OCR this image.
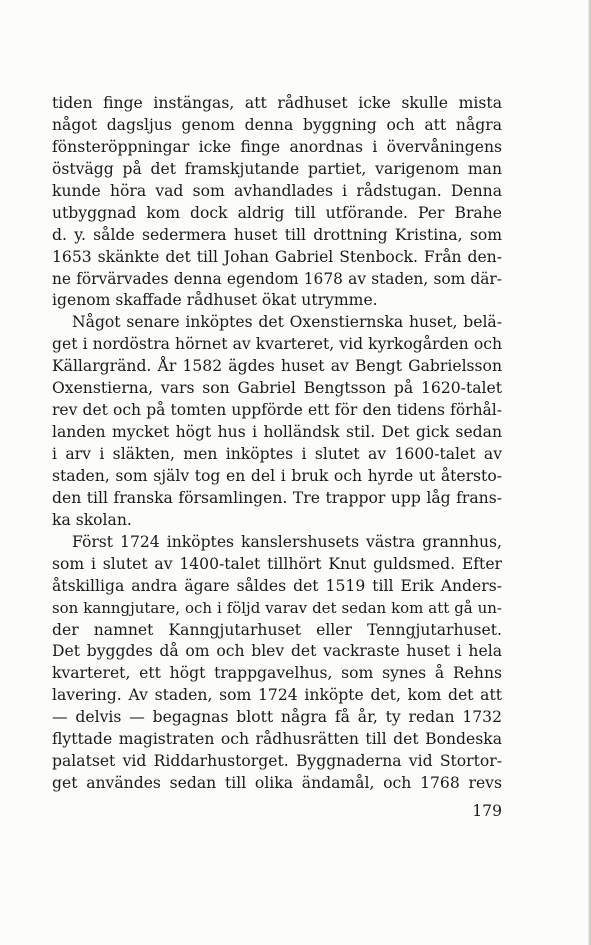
tiden finge instängas, att rådhuset icke skulle mista
något dagsljus genom denna byggning och att några
fönsteröppningar icke finge anordnas i övervåningens
östvägg på det framskjutande partiet, varigenom man
kunde höra vad som avhandlades i rådstugan. Denna
utbyggnad kom dock aldrig till utförande. Per Brahe
d. y. sålde sedermera huset till drottning Kristina, som
1653 skänkte det till Johan Gabriel Stenbock. Från den-
ne förvärvades denna egendom 1678 av staden, som där-
igenom skaffade rådhuset ökat utrymme.
Något senare inköptes det Oxenstiernska huset, belä-
get i nordöstra hörnet av kvarteret, vid kyrkogården och
Källargränd. År 1582 ägdes huset av Bengt Gabrielsson
Oxenstierna, vars son Gabriel Bengtsson på 1620-talet
rev det och på tomten uppförde ett för den tidens förhål-
landen mycket högt hus i holländsk stil. Det gick sedan
i arv i släkten, men inköptes i slutet av 1600-talet av
staden, som själv tog en del i bruk och hyrde ut återsto-
den till franska församlingen. Tre trappor upp låg frans-
ka skolan.
Först 1724 inköptes kanslershusets västra grannhus,
som i slutet av 1400-talet tillhört Knut guldsmed. Efter
åtskilliga andra ägare såldes det 1519 till Erik Anders-
son kanngjutare, och i följd varav det sedan kom att gå un-
der namnet Kanngjutarhuset eller Tenngjutarhuset.
Det byggdes då om och blev det vackraste huset i hela
kvarteret, ett högt trappgavelhus, som synes å Rehns
lavering. Av staden, som 1724 inköpte det, kom det att
— delvis — begagnas blott några få år, ty redan 1732
flyttade magistraten och rådhusrätten till det Bondeska
palatset vid Riddarhustorget. Byggnaderna vid Stortor-
get användes sedan till olika ändamål, och 1768 revs
179
